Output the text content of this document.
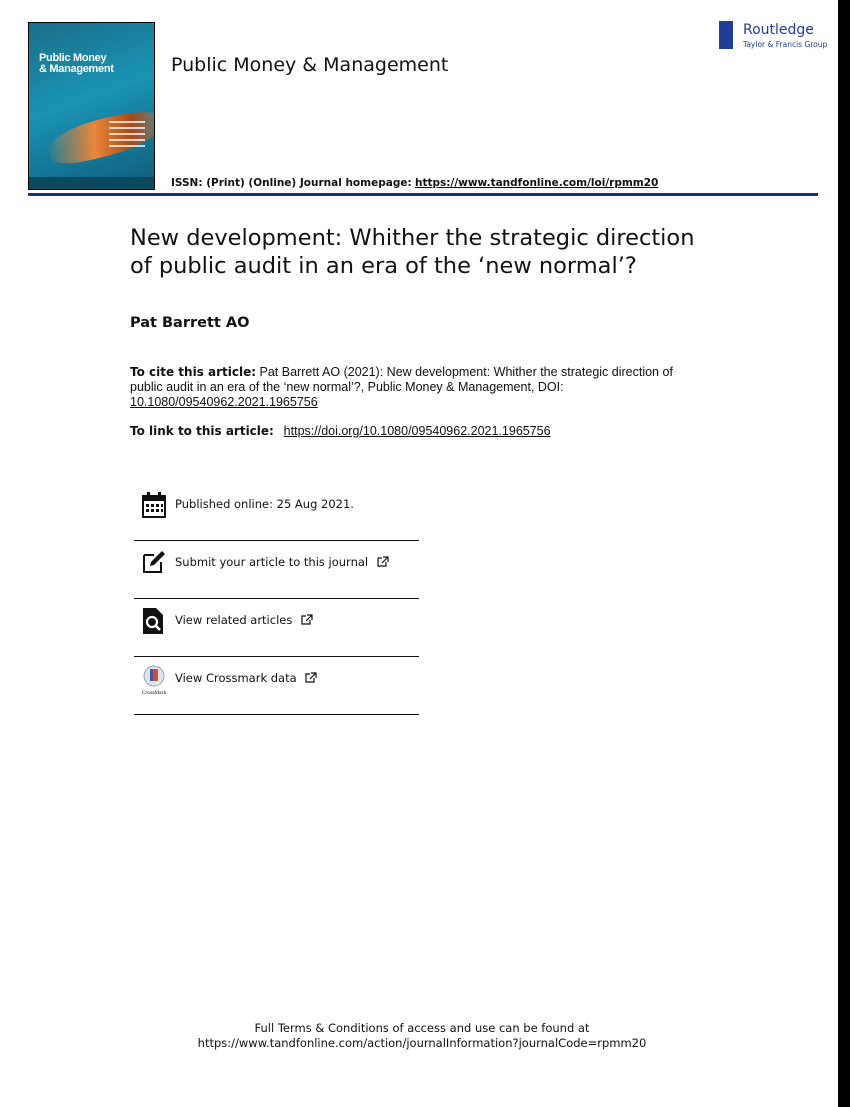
Public Money
& Management	Public Money & Management
Routledge
Taylor & Francis Group
ISSN: (Print) (Online) Journal homepage: https://www.tandfonline.com/loi/rpmm20
New development: Whither the strategic direction
of public audit in an era of the ‘new normal’?
Pat Barrett AO
To cite this article: Pat Barrett AO (2021): New development: Whither the strategic direction of public audit in an era of the ‘new normal’?, Public Money & Management, DOI:
10.1080/09540962.2021.1965756
To link to this article: https://doi.org/10.1080/09540962.2021.1965756
Published online: 25 Aug 2021.
Submit your article to this journal
View related articles
CrossMark
View Crossmark data
Full Terms & Conditions of access and use can be found at
https://www.tandfonline.com/action/journalInformation?journalCode=rpmm20
